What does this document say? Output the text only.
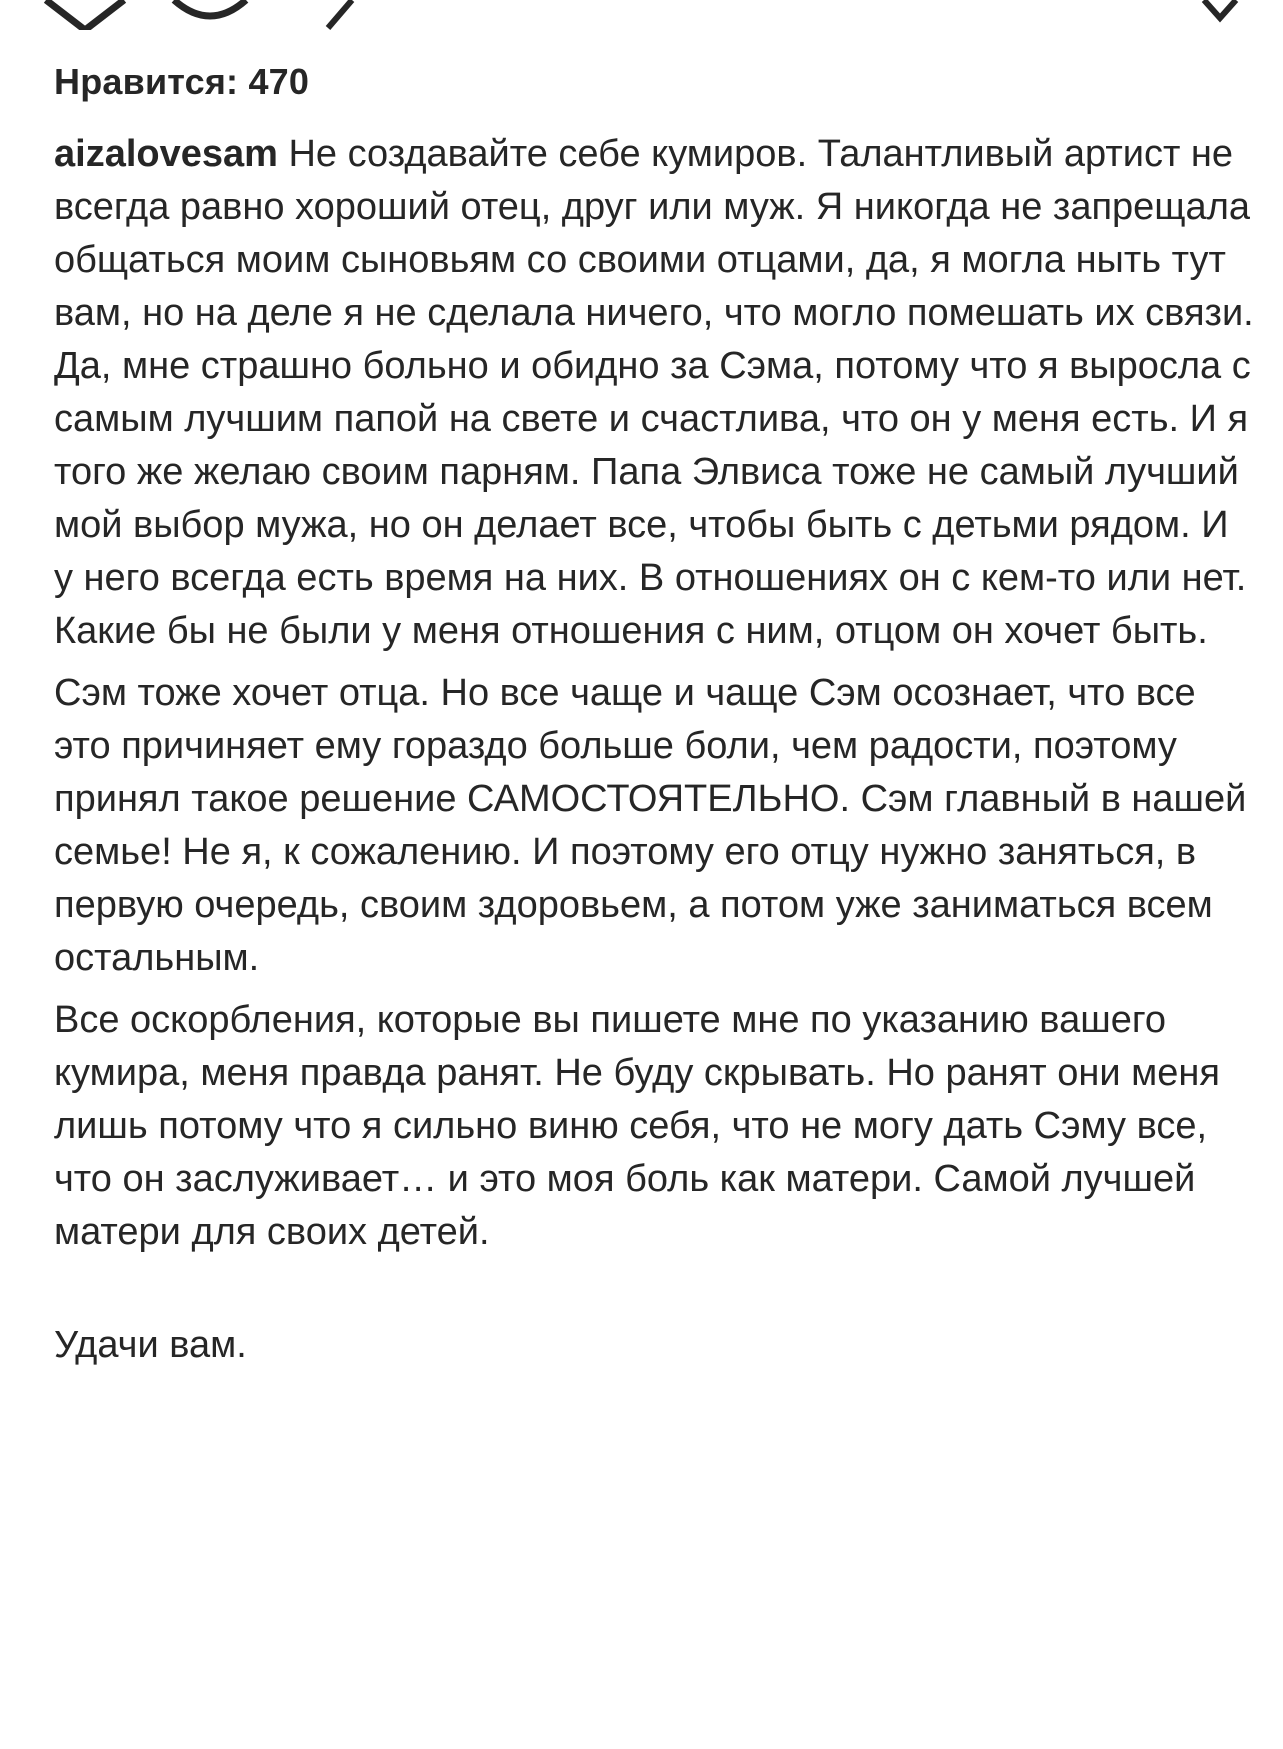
Нравится: 470

aizalovesam Не создавайте себе кумиров. Талантливый артист не всегда равно хороший отец, друг или муж. Я никогда не запрещала общаться моим сыновьям со своими отцами, да, я могла ныть тут вам, но на деле я не сделала ничего, что могло помешать их связи. Да, мне страшно больно и обидно за Сэма, потому что я выросла с самым лучшим папой на свете и счастлива, что он у меня есть. И я того же желаю своим парням. Папа Элвиса тоже не самый лучший мой выбор мужа, но он делает все, чтобы быть с детьми рядом. И у него всегда есть время на них. В отношениях он с кем-то или нет. Какие бы не были у меня отношения с ним, отцом он хочет быть.

Сэм тоже хочет отца. Но все чаще и чаще Сэм осознает, что все это причиняет ему гораздо больше боли, чем радости, поэтому принял такое решение САМОСТОЯТЕЛЬНО. Сэм главный в нашей семье! Не я, к сожалению. И поэтому его отцу нужно заняться, в первую очередь, своим здоровьем, а потом уже заниматься всем остальным.

Все оскорбления, которые вы пишете мне по указанию вашего кумира, меня правда ранят. Не буду скрывать. Но ранят они меня лишь потому что я сильно виню себя, что не могу дать Сэму все, что он заслуживает… и это моя боль как матери. Самой лучшей матери для своих детей.

Удачи вам.
